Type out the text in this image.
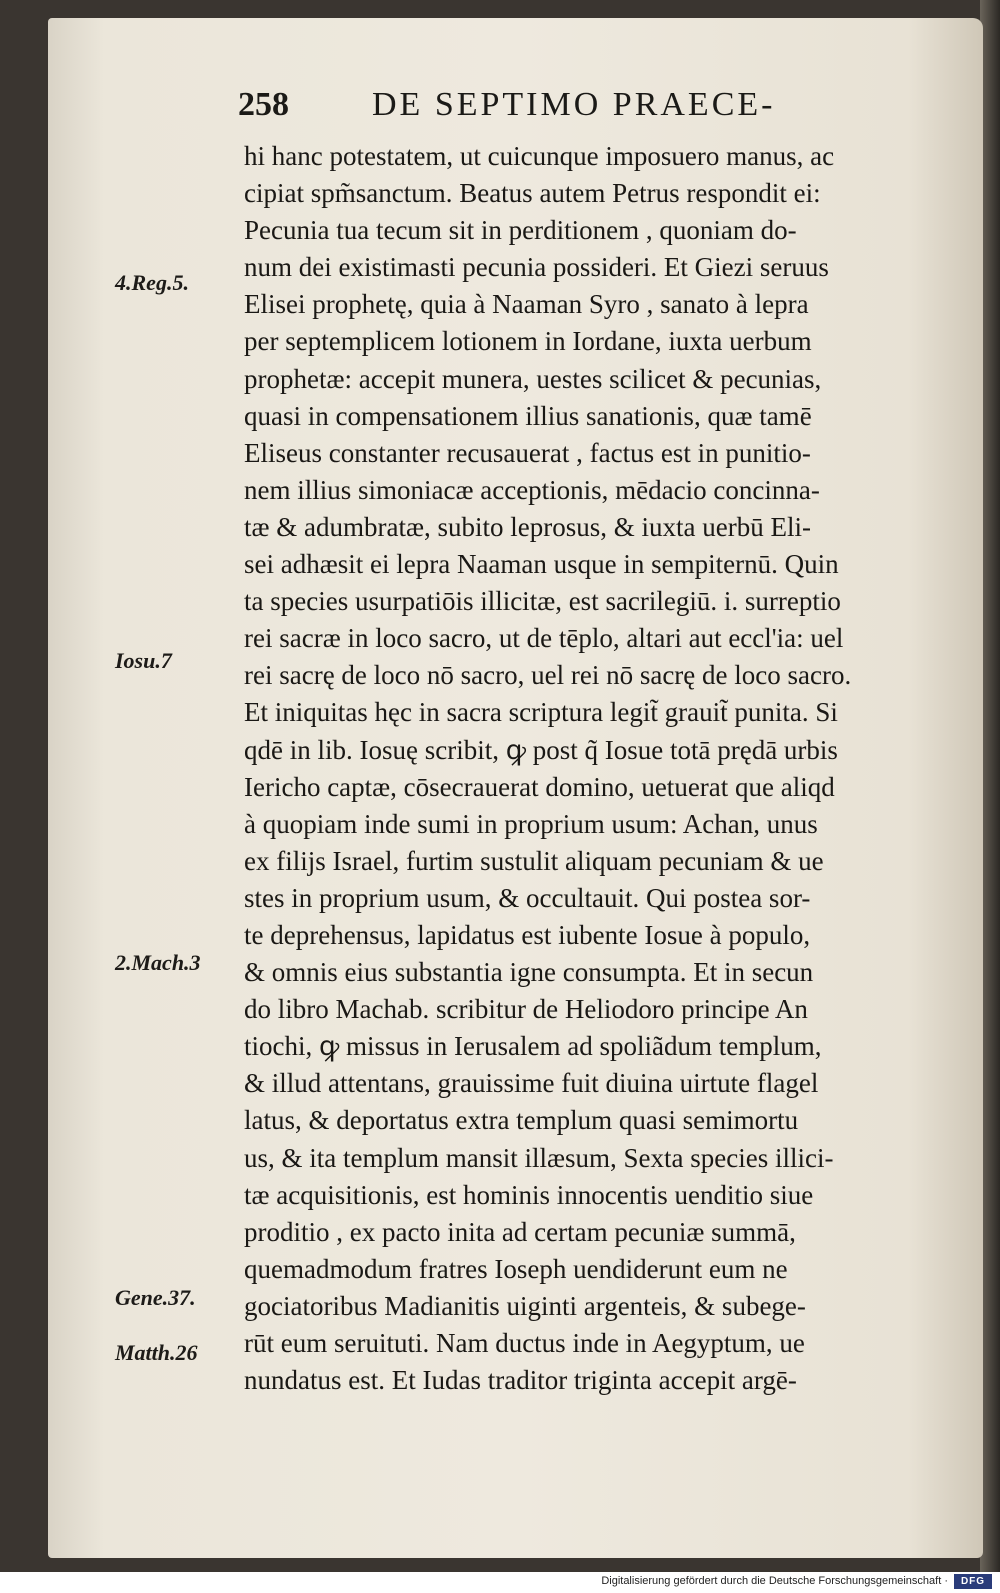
258 DE SEPTIMO PRAECE-
4.Reg.5.
Iosu.7
2.Mach.3
Gene.37.
Matth.26
hi hanc potestatem, ut cuicunque imposuero manus, ac
cipiat spm̃sanctum. Beatus autem Petrus respondit ei:
Pecunia tua tecum sit in perditionem , quoniam do-
num dei existimasti pecunia possideri. Et Giezi seruus
Elisei prophetę, quia à Naaman Syro , sanato à lepra
per septemplicem lotionem in Iordane, iuxta uerbum
prophetæ: accepit munera, uestes scilicet & pecunias,
quasi in compensationem illius sanationis, quæ tamē
Eliseus constanter recusauerat , factus est in punitio-
nem illius simoniacæ acceptionis, mēdacio concinna-
tæ & adumbratæ, subito leprosus, & iuxta uerbū Eli-
sei adhæsit ei lepra Naaman usque in sempiternū. Quin
ta species usurpatiōis illicitæ, est sacrilegiū. i. surreptio
rei sacræ in loco sacro, ut de tēplo, altari aut eccl'ia: uel
rei sacrę de loco nō sacro, uel rei nō sacrę de loco sacro.
Et iniquitas hęc in sacra scriptura legit̃ grauit̃ punita. Si
qdē in lib. Iosuę scribit, ꝙ post q̃ Iosue totā prędā urbis
Iericho captæ, cōsecrauerat domino, uetuerat que aliqd
à quopiam inde sumi in proprium usum: Achan, unus
ex filijs Israel, furtim sustulit aliquam pecuniam & ue
stes in proprium usum, & occultauit. Qui postea sor-
te deprehensus, lapidatus est iubente Iosue à populo,
& omnis eius substantia igne consumpta. Et in secun
do libro Machab. scribitur de Heliodoro principe An
tiochi, ꝙ missus in Ierusalem ad spoliãdum templum,
& illud attentans, grauissime fuit diuina uirtute flagel
latus, & deportatus extra templum quasi semimortu
us, & ita templum mansit illæsum, Sexta species illici-
tæ acquisitionis, est hominis innocentis uenditio siue
proditio , ex pacto inita ad certam pecuniæ summā,
quemadmodum fratres Ioseph uendiderunt eum ne
gociatoribus Madianitis uiginti argenteis, & subege-
rūt eum seruituti. Nam ductus inde in Aegyptum, ue
nundatus est. Et Iudas traditor triginta accepit argē-
Digitalisierung gefördert durch die Deutsche Forschungsgemeinschaft ·	DFG
